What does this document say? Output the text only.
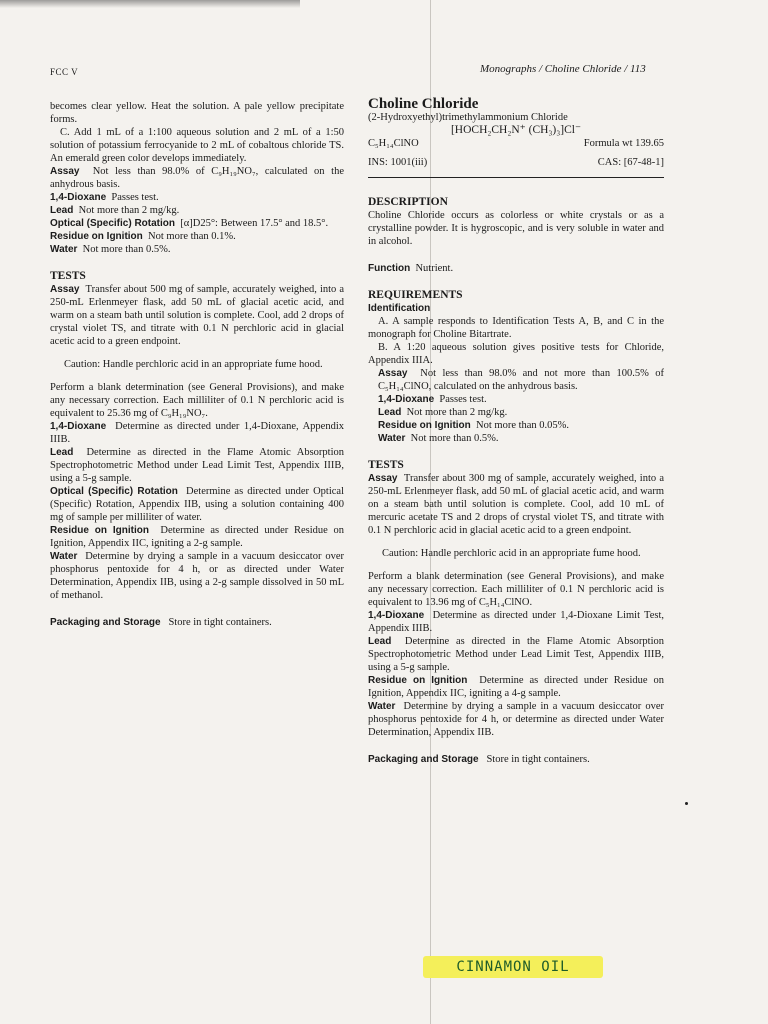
FCC V	Monographs / Choline Chloride / 113

becomes clear yellow. Heat the solution. A pale yellow precipitate forms.

C. Add 1 mL of a 1:100 aqueous solution and 2 mL of a 1:50 solution of potassium ferrocyanide to 2 mL of cobaltous chloride TS. An emerald green color develops immediately.

Assay Not less than 98.0% of C₉H₁₉NO₇, calculated on the anhydrous basis.

1,4-Dioxane Passes test.

Lead Not more than 2 mg/kg.

Optical (Specific) Rotation [α]D25°: Between 17.5° and 18.5°.

Residue on Ignition Not more than 0.1%.

Water Not more than 0.5%.

TESTS

Assay Transfer about 500 mg of sample, accurately weighed, into a 250-mL Erlenmeyer flask, add 50 mL of glacial acetic acid, and warm on a steam bath until solution is complete. Cool, add 2 drops of crystal violet TS, and titrate with 0.1 N perchloric acid in glacial acetic acid to a green endpoint.

Caution: Handle perchloric acid in an appropriate fume hood.

Perform a blank determination (see General Provisions), and make any necessary correction. Each milliliter of 0.1 N perchloric acid is equivalent to 25.36 mg of C₉H₁₉NO₇.

1,4-Dioxane Determine as directed under 1,4-Dioxane, Appendix IIIB.

Lead Determine as directed in the Flame Atomic Absorption Spectrophotometric Method under Lead Limit Test, Appendix IIIB, using a 5-g sample.

Optical (Specific) Rotation Determine as directed under Optical (Specific) Rotation, Appendix IIB, using a solution containing 400 mg of sample per milliliter of water.

Residue on Ignition Determine as directed under Residue on Ignition, Appendix IIC, igniting a 2-g sample.

Water Determine by drying a sample in a vacuum desiccator over phosphorus pentoxide for 4 h, or as directed under Water Determination, Appendix IIB, using a 2-g sample dissolved in 50 mL of methanol.

Packaging and Storage Store in tight containers.

Choline Chloride

(2-Hydroxyethyl)trimethylammonium Chloride

[HOCH₂CH₂N⁺ (CH₃)₃]Cl⁻

C₅H₁₄ClNO	Formula wt 139.65
INS: 1001(iii)	CAS: [67-48-1]

DESCRIPTION

Choline Chloride occurs as colorless or white crystals or as a crystalline powder. It is hygroscopic, and is very soluble in water and in alcohol.

Function Nutrient.

REQUIREMENTS

Identification

A. A sample responds to Identification Tests A, B, and C in the monograph for Choline Bitartrate.

B. A 1:20 aqueous solution gives positive tests for Chloride, Appendix IIIA.

Assay Not less than 98.0% and not more than 100.5% of C₅H₁₄ClNO, calculated on the anhydrous basis.

1,4-Dioxane Passes test.

Lead Not more than 2 mg/kg.

Residue on Ignition Not more than 0.05%.

Water Not more than 0.5%.

TESTS

Assay Transfer about 300 mg of sample, accurately weighed, into a 250-mL Erlenmeyer flask, add 50 mL of glacial acetic acid, and warm on a steam bath until solution is complete. Cool, add 10 mL of mercuric acetate TS and 2 drops of crystal violet TS, and titrate with 0.1 N perchloric acid in glacial acetic acid to a green endpoint.

Caution: Handle perchloric acid in an appropriate fume hood.

Perform a blank determination (see General Provisions), and make any necessary correction. Each milliliter of 0.1 N perchloric acid is equivalent to 13.96 mg of C₅H₁₄ClNO.

1,4-Dioxane Determine as directed under 1,4-Dioxane Limit Test, Appendix IIIB.

Lead Determine as directed in the Flame Atomic Absorption Spectrophotometric Method under Lead Limit Test, Appendix IIIB, using a 5-g sample.

Residue on Ignition Determine as directed under Residue on Ignition, Appendix IIC, igniting a 4-g sample.

Water Determine by drying a sample in a vacuum desiccator over phosphorus pentoxide for 4 h, or determine as directed under Water Determination, Appendix IIB.

Packaging and Storage Store in tight containers.

CINNAMON OIL
